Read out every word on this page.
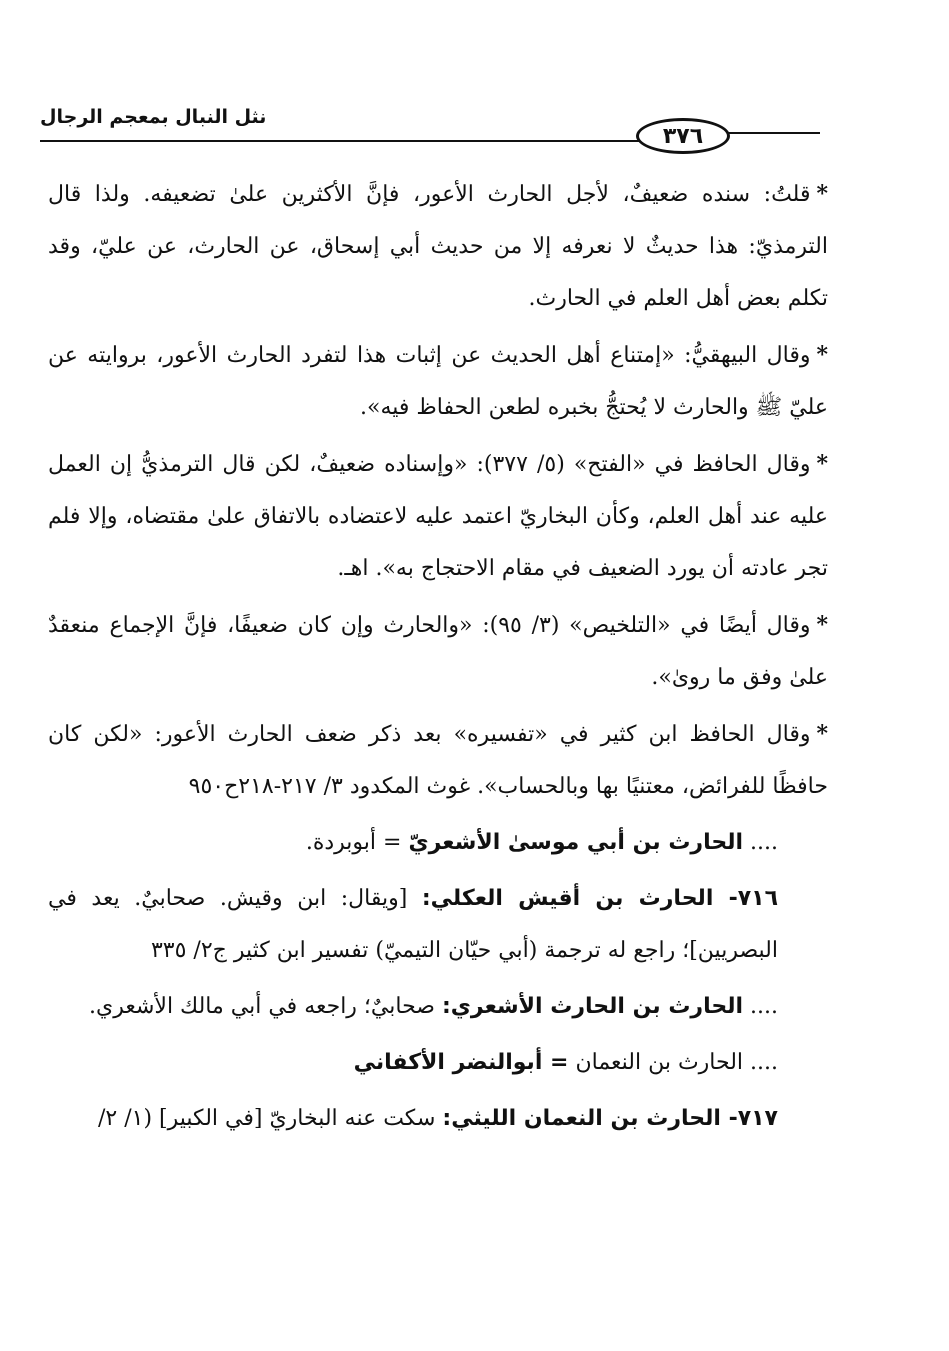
نثل النبال بمعجم الرجال
٣٧٦

*قلتُ: سنده ضعيفٌ، لأجل الحارث الأعور، فإنَّ الأكثرين علىٰ تضعيفه. ولذا قال الترمذيّ: هذا حديثٌ لا نعرفه إلا من حديث أبي إسحاق، عن الحارث، عن عليّ، وقد تكلم بعض أهل العلم في الحارث.

*وقال البيهقيُّ: «إمتناع أهل الحديث عن إثبات هذا لتفرد الحارث الأعور، بروايته عن عليّ ﷺ والحارث لا يُحتجُّ بخبره لطعن الحفاظ فيه».

*وقال الحافظ في «الفتح» (٥/ ٣٧٧): «وإسناده ضعيفٌ، لكن قال الترمذيُّ إن العمل عليه عند أهل العلم، وكأن البخاريّ اعتمد عليه لاعتضاده بالاتفاق علىٰ مقتضاه، وإلا فلم تجر عادته أن يورد الضعيف في مقام الاحتجاج به». اهـ.

*وقال أيضًا في «التلخيص» (٣/ ٩٥): «والحارث وإن كان ضعيفًا، فإنَّ الإجماع منعقدٌ علىٰ وفق ما روىٰ».

*وقال الحافظ ابن كثير في «تفسيره» بعد ذكر ضعف الحارث الأعور: «لكن كان حافظًا للفرائض، معتنيًا بها وبالحساب». غوث المكدود ٣/ ٢١٧-٢١٨ح٩٥٠

.... الحارث بن أبي موسىٰ الأشعريّ = أبوبردة.

٧١٦- الحارث بن أقيش العكلي: [ويقال: ابن وقيش. صحابيٌ. يعد في البصريين]؛ راجع له ترجمة (أبي حيّان التيميّ) تفسير ابن كثير ج٢/ ٣٣٥

.... الحارث بن الحارث الأشعري: صحابيٌ؛ راجعه في أبي مالك الأشعري.

.... الحارث بن النعمان = أبوالنضر الأكفاني

٧١٧- الحارث بن النعمان الليثي: سكت عنه البخاريّ [في الكبير] (١/ ٢/
